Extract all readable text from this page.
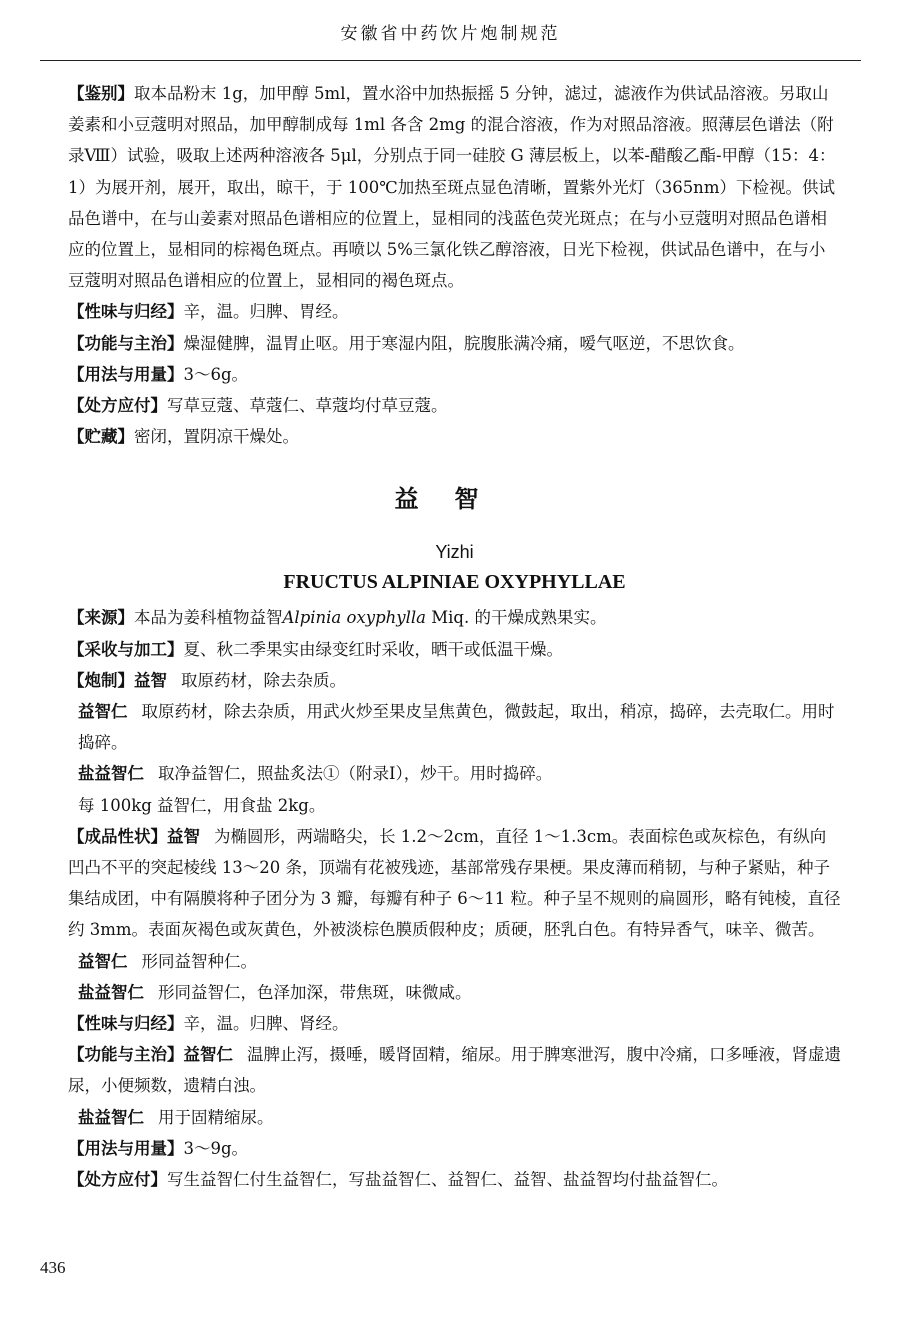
安徽省中药饮片炮制规范

【鉴别】取本品粉末 1g，加甲醇 5ml，置水浴中加热振摇 5 分钟，滤过，滤液作为供试品溶液。另取山姜素和小豆蔻明对照品，加甲醇制成每 1ml 各含 2mg 的混合溶液，作为对照品溶液。照薄层色谱法（附录Ⅷ）试验，吸取上述两种溶液各 5μl，分别点于同一硅胶 G 薄层板上，以苯-醋酸乙酯-甲醇（15：4：1）为展开剂，展开，取出，晾干，于 100℃加热至斑点显色清晰，置紫外光灯（365nm）下检视。供试品色谱中，在与山姜素对照品色谱相应的位置上，显相同的浅蓝色荧光斑点；在与小豆蔻明对照品色谱相应的位置上，显相同的棕褐色斑点。再喷以 5%三氯化铁乙醇溶液，日光下检视，供试品色谱中，在与小豆蔻明对照品色谱相应的位置上，显相同的褐色斑点。

【性味与归经】辛，温。归脾、胃经。

【功能与主治】燥湿健脾，温胃止呕。用于寒湿内阻，脘腹胀满冷痛，嗳气呕逆，不思饮食。

【用法与用量】3～6g。

【处方应付】写草豆蔻、草蔻仁、草蔻均付草豆蔻。

【贮藏】密闭，置阴凉干燥处。

益智
Yizhi
FRUCTUS ALPINIAE OXYPHYLLAE

【来源】本品为姜科植物益智Alpinia oxyphylla Miq. 的干燥成熟果实。

【采收与加工】夏、秋二季果实由绿变红时采收，晒干或低温干燥。

【炮制】益智 取原药材，除去杂质。

益智仁 取原药材，除去杂质，用武火炒至果皮呈焦黄色，微鼓起，取出，稍凉，捣碎，去壳取仁。用时捣碎。

盐益智仁 取净益智仁，照盐炙法①（附录Ⅰ），炒干。用时捣碎。

每 100kg 益智仁，用食盐 2kg。

【成品性状】益智 为椭圆形，两端略尖，长 1.2～2cm，直径 1～1.3cm。表面棕色或灰棕色，有纵向凹凸不平的突起棱线 13～20 条，顶端有花被残迹，基部常残存果梗。果皮薄而稍韧，与种子紧贴，种子集结成团，中有隔膜将种子团分为 3 瓣，每瓣有种子 6～11 粒。种子呈不规则的扁圆形，略有钝棱，直径约 3mm。表面灰褐色或灰黄色，外被淡棕色膜质假种皮；质硬，胚乳白色。有特异香气，味辛、微苦。

益智仁 形同益智种仁。

盐益智仁 形同益智仁，色泽加深，带焦斑，味微咸。

【性味与归经】辛，温。归脾、肾经。

【功能与主治】益智仁 温脾止泻，摄唾，暖肾固精，缩尿。用于脾寒泄泻，腹中冷痛，口多唾液，肾虚遗尿，小便频数，遗精白浊。

盐益智仁 用于固精缩尿。

【用法与用量】3～9g。

【处方应付】写生益智仁付生益智仁，写盐益智仁、益智仁、益智、盐益智均付盐益智仁。

436
